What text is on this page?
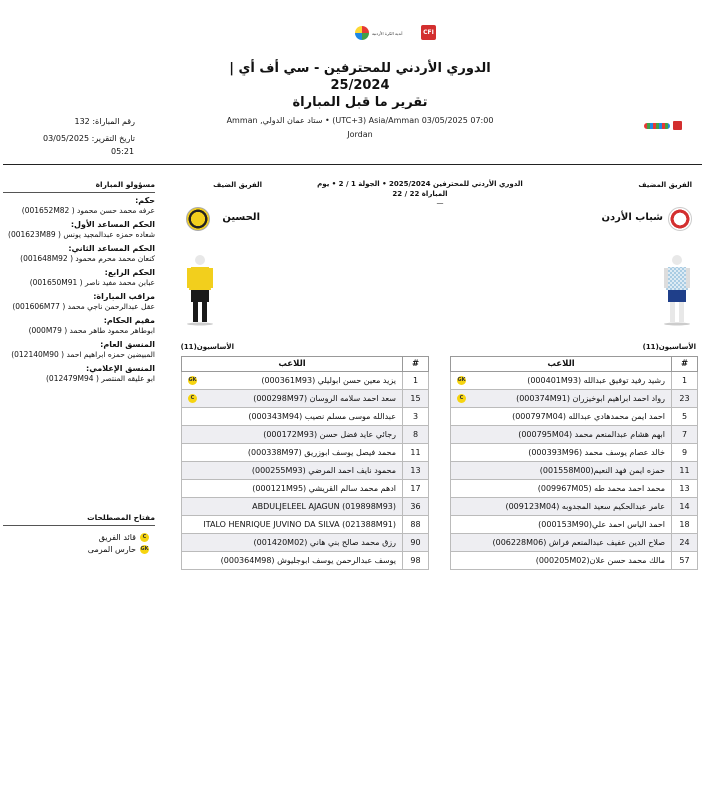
أندية الكرة الأردنية	CFI
الدوري الأردني للمحترفين - سي أف أي |
25/2024
تقرير ما قبل المباراة
ستاد عمان الدولي, Amman • (UTC+3) Asia/Amman 03/05/2025 07:00
Jordan
رقم المباراة: 132
تاريخ التقرير: 03/05/2025
05:21
الدوري الأردني للمحترفين 2025/2024 • الجولة 1 / 2 • يوم
المباراة 22 / 22
—
الفريق المضيف
الفريق الضيف
شباب الأردن
الحسين
الأساسيون(11)
الأساسيون(11)
#	اللاعب
1	رشيد رفيد توفيق عبدالله (000401M93)
GK

23	رواد احمد ابراهيم ابوخيزران (000374M91)
C

5	احمد ايمن محمدهادي عبدالله (000797M04)

7	ابهم هشام عبدالمنعم محمد (000795M04)

9	خالد عصام يوسف محمد (000393M96)

11	حمزه ايمن فهد النعيم(001558M00)

13	محمد احمد محمد طه (009967M05)

14	عامر عبدالحكيم سعيد المجدوبه (009123M04)

18	احمد الياس احمد علي(000153M90)

24	صلاح الدين عفيف عبدالمنعم فراش (006228M06)

57	مالك محمد حسن علان(000205M02)
#	اللاعب
1	يزيد معين حسن ابوليلي (000361M93)
GK

15	سعد احمد سلامه الروسان (000298M97)
C

3	عبدالله موسى مسلم نصيب (000343M94)

8	رجائي عايد فضل حسن (000172M93)

11	محمد فيصل يوسف ابوزريق (000338M97)

13	محمود نايف احمد المرضي (000255M93)

17	ادهم محمد سالم القريشي (000121M95)

36	ABDULJELEEL AJAGUN (019898M93)

88	ITALO HENRIQUE JUVINO DA SILVA (021388M91)

90	رزق محمد صالح بني هاني (001420M02)

98	يوسف عبدالرحمن يوسف ابوجليوش (000364M98)
مسؤولو المباراة
حكم:
عرفه محمد حسن محمود ( 001652M82)
الحكم المساعد الأول:
شعاده حمزه عبدالمجيد يونس ( 001623M89)
الحكم المساعد الثاني:
كنعان محمد محرم محمود ( 001648M92)
الحكم الرابع:
عبابن محمد مفيد ناصر ( 001650M91)
مراقب المباراة:
عقل عبدالرحمن ناجي محمد ( 001606M77)
مقيم الحكام:
ابوطاهر محمود طاهر محمد ( 000M79)
المنسق العام:
المبيضين حمزه ابراهيم احمد ( 012140M90)
المنسق الإعلامي:
ابو عليقه المنتصر ( 012479M94)
مفتاح المصطلحات
C
قائد الفريق
GK
حارس المرمى
